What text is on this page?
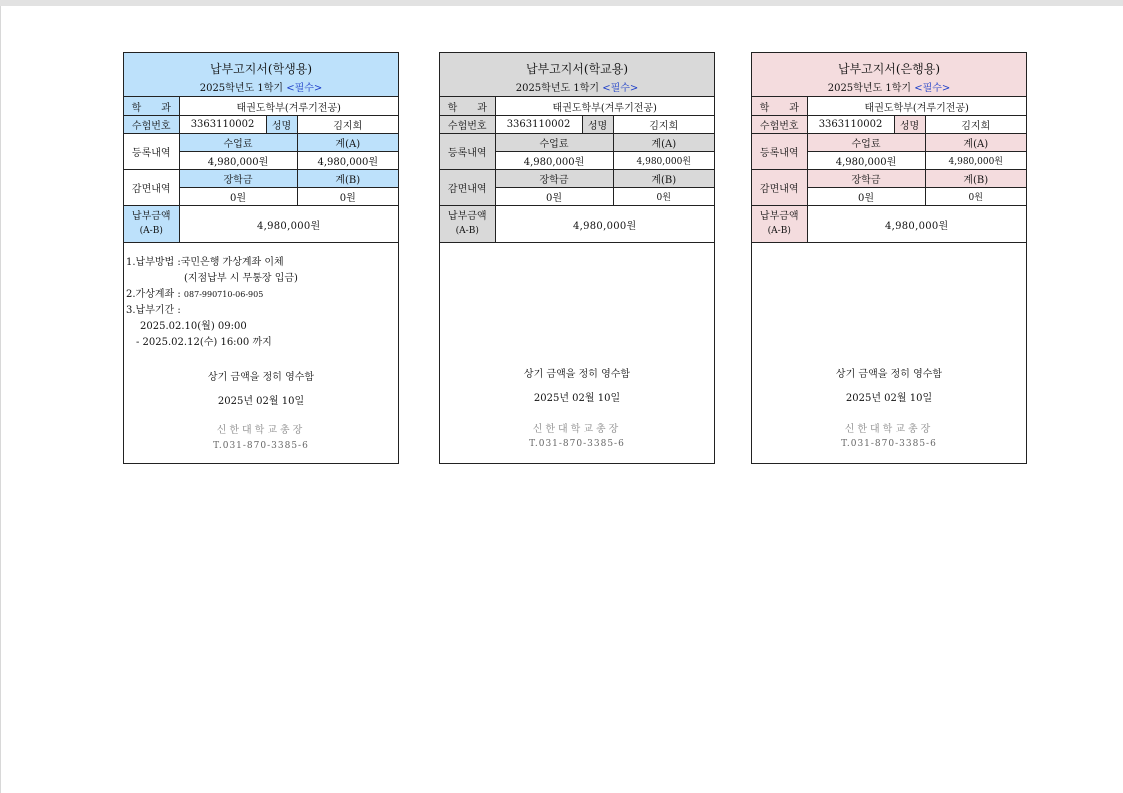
납부고지서(학생용)
2025학년도 1학기 <필수>
학　　과	태권도학부(겨루기전공)		
수험번호	3363110002	성명	김지희
등록내역	수업료		계(A)
	4,980,000원		4,980,000원
감면내역	장학금		계(B)
	0원		0원

납부금액
(A-B)	4,980,000원		
1.납부방법 :국민은행 가상계좌 이체
(지점납부 시 무통장 입금)
2.가상계좌 : 087-990710-06-905
3.납부기간 :
2025.02.10(월) 09:00
- 2025.02.12(수) 16:00 까지
상기 금액을 정히 영수함
2025년 02월 10일
신한대학교총장
T.031-870-3385-6
납부고지서(학교용)
2025학년도 1학기 <필수>
학　　과	태권도학부(겨루기전공)		
수험번호	3363110002	성명	김지희
등록내역	수업료		계(A)
	4,980,000원		4,980,000원
감면내역	장학금		계(B)
	0원		0원

납부금액
(A-B)	4,980,000원		
상기 금액을 정히 영수함
2025년 02월 10일
신한대학교총장
T.031-870-3385-6
납부고지서(은행용)
2025학년도 1학기 <필수>
학　　과	태권도학부(겨루기전공)		
수험번호	3363110002	성명	김지희
등록내역	수업료		계(A)
	4,980,000원		4,980,000원
감면내역	장학금		계(B)
	0원		0원

납부금액
(A-B)	4,980,000원		
상기 금액을 정히 영수함
2025년 02월 10일
신한대학교총장
T.031-870-3385-6
